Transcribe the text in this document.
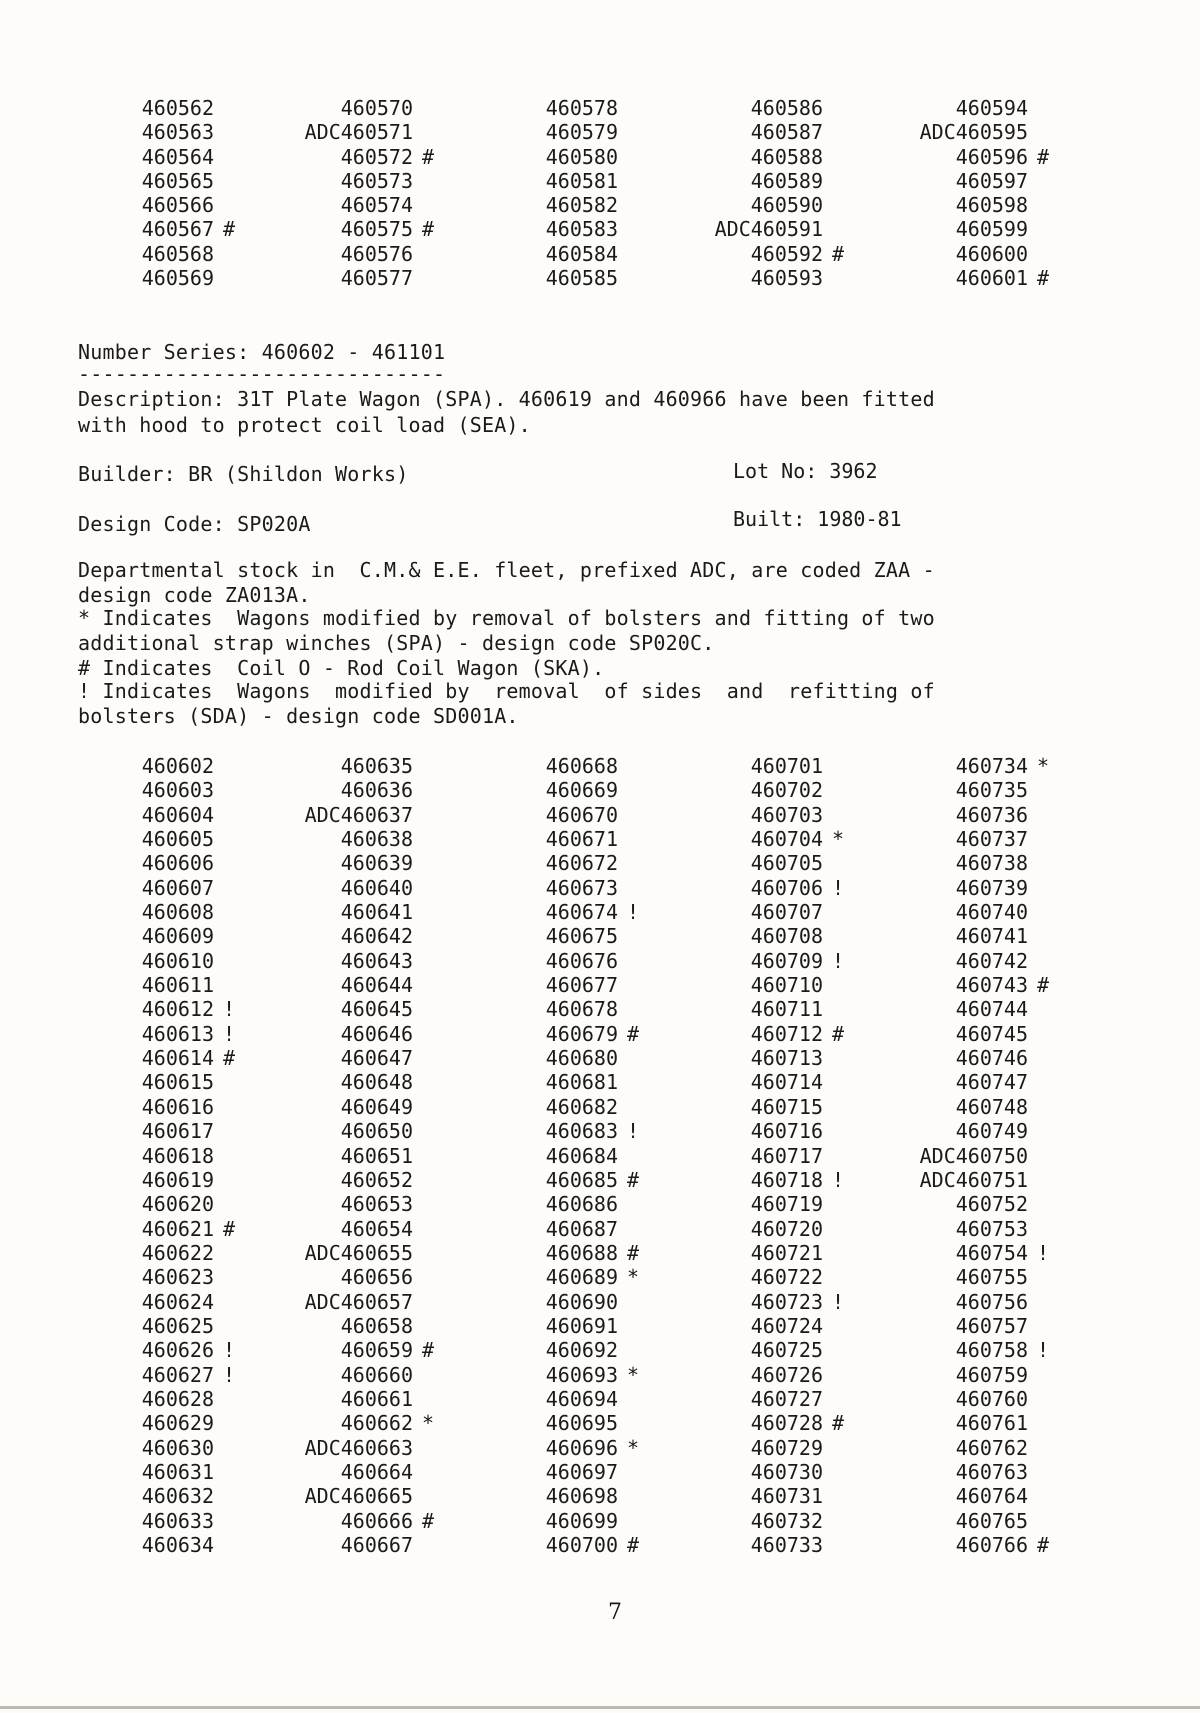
460562	460570	460578	460586	460594
460563	ADC460571	460579	460587	ADC460595
460564	460572 #	460580	460588	460596 #
460565	460573	460581	460589	460597
460566	460574	460582	460590	460598
460567 #	460575 #	460583	ADC460591	460599
460568	460576	460584	460592 #	460600
460569	460577	460585	460593	460601 #
Number Series: 460602 - 461101
------------------------------
Description: 31T Plate Wagon (SPA). 460619 and 460966 have been fitted
with hood to protect coil load (SEA).
Builder: BR (Shildon Works)	Lot No: 3962
Design Code: SP020A	Built: 1980-81
Departmental stock in  C.M.& E.E. fleet, prefixed ADC, are coded ZAA -
design code ZA013A.
* Indicates  Wagons modified by removal of bolsters and fitting of two
additional strap winches (SPA) - design code SP020C.
# Indicates  Coil O - Rod Coil Wagon (SKA).
! Indicates  Wagons  modified by  removal  of sides  and  refitting of
bolsters (SDA) - design code SD001A.
460602	460635	460668	460701	460734 *
460603	460636	460669	460702	460735
460604	ADC460637	460670	460703	460736
460605	460638	460671	460704 *	460737
460606	460639	460672	460705	460738
460607	460640	460673	460706 !	460739
460608	460641	460674 !	460707	460740
460609	460642	460675	460708	460741
460610	460643	460676	460709 !	460742
460611	460644	460677	460710	460743 #
460612 !	460645	460678	460711	460744
460613 !	460646	460679 #	460712 #	460745
460614 #	460647	460680	460713	460746
460615	460648	460681	460714	460747
460616	460649	460682	460715	460748
460617	460650	460683 !	460716	460749
460618	460651	460684	460717	ADC460750
460619	460652	460685 #	460718 !	ADC460751
460620	460653	460686	460719	460752
460621 #	460654	460687	460720	460753
460622	ADC460655	460688 #	460721	460754 !
460623	460656	460689 *	460722	460755
460624	ADC460657	460690	460723 !	460756
460625	460658	460691	460724	460757
460626 !	460659 #	460692	460725	460758 !
460627 !	460660	460693 *	460726	460759
460628	460661	460694	460727	460760
460629	460662 *	460695	460728 #	460761
460630	ADC460663	460696 *	460729	460762
460631	460664	460697	460730	460763
460632	ADC460665	460698	460731	460764
460633	460666 #	460699	460732	460765
460634	460667	460700 #	460733	460766 #
7
